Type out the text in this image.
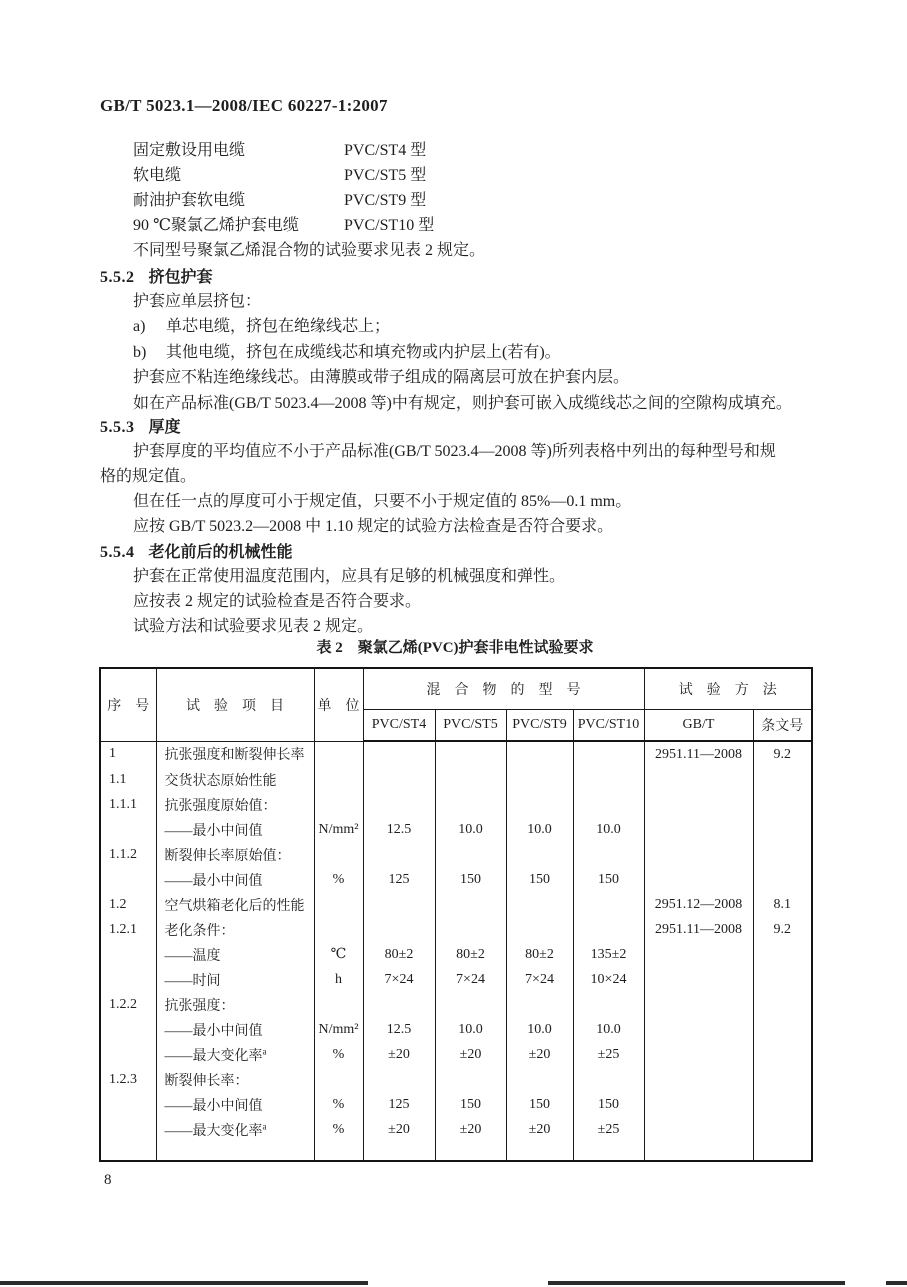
GB/T 5023.1—2008/IEC 60227-1:2007
固定敷设用电缆	PVC/ST4 型
软电缆	PVC/ST5 型
耐油护套软电缆	PVC/ST9 型
90 ℃聚氯乙烯护套电缆	PVC/ST10 型
不同型号聚氯乙烯混合物的试验要求见表 2 规定。
5.5.2 挤包护套
护套应单层挤包：
a) 单芯电缆，挤包在绝缘线芯上；
b) 其他电缆，挤包在成缆线芯和填充物或内护层上(若有)。
护套应不粘连绝缘线芯。由薄膜或带子组成的隔离层可放在护套内层。
如在产品标准(GB/T 5023.4—2008 等)中有规定，则护套可嵌入成缆线芯之间的空隙构成填充。
5.5.3 厚度
护套厚度的平均值应不小于产品标准(GB/T 5023.4—2008 等)所列表格中列出的每种型号和规
格的规定值。
但在任一点的厚度可小于规定值，只要不小于规定值的 85%—0.1 mm。
应按 GB/T 5023.2—2008 中 1.10 规定的试验方法检查是否符合要求。
5.5.4 老化前后的机械性能
护套在正常使用温度范围内，应具有足够的机械强度和弹性。
应按表 2 规定的试验检查是否符合要求。
试验方法和试验要求见表 2 规定。
表 2　聚氯乙烯(PVC)护套非电性试验要求
序　号	试　验　项　目	单　位	混　合　物　的　型　号				试　验　方　法	
			PVC/ST4	PVC/ST5	PVC/ST9	PVC/ST10	GB/T	条文号
1	抗张强度和断裂伸长率						2951.11—2008	9.2
1.1	交货状态原始性能							
1.1.1	抗张强度原始值：							
	——最小中间值	N/mm²	12.5	10.0	10.0	10.0		
1.1.2	断裂伸长率原始值：							
	——最小中间值	%	125	150	150	150		
1.2	空气烘箱老化后的性能						2951.12—2008	8.1
1.2.1	老化条件：						2951.11—2008	9.2
	——温度	℃	80±2	80±2	80±2	135±2		
	——时间	h	7×24	7×24	7×24	10×24		
1.2.2	抗张强度：							
	——最小中间值	N/mm²	12.5	10.0	10.0	10.0		
	——最大变化率$^a$	%	±20	±20	±20	±25		
1.2.3	断裂伸长率：							
	——最小中间值	%	125	150	150	150		
	——最大变化率$^a$	%	±20	±20	±20	±25		

8
